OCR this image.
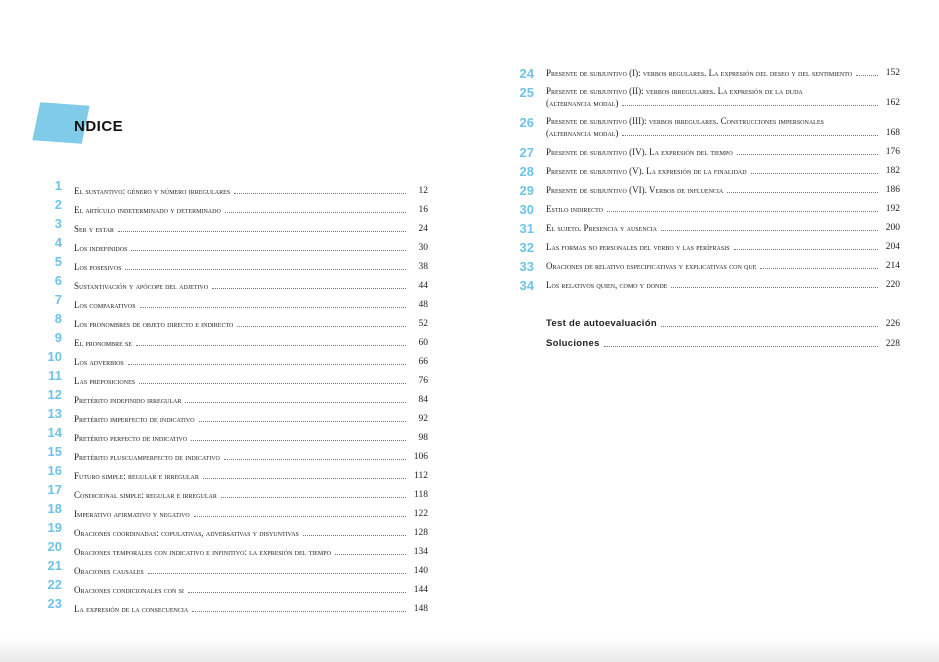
NDICE
1	El sustantivo: género y número irregulares	12
2	El artículo indeterminado y determinado	16
3	Ser y estar	24
4	Los indefinidos	30
5	Los posesivos	38
6	Sustantivación y apócope del adjetivo	44
7	Los comparativos	48
8	Los pronombres de objeto directo e indirecto	52
9	El pronombre se	60
10	Los adverbios	66
11	Las preposiciones	76
12	Pretérito indefinido irregular	84
13	Pretérito imperfecto de indicativo	92
14	Pretérito perfecto de indicativo	98
15	Pretérito pluscuamperfecto de indicativo	106
16	Futuro simple: regular e irregular	112
17	Condicional simple: regular e irregular	118
18	Imperativo afirmativo y negativo	122
19	Oraciones coordinadas: copulativas, adversativas y disyuntivas	128
20	Oraciones temporales con indicativo e infinitivo: la expresión del tiempo	134
21	Oraciones causales	140
22	Oraciones condicionales con si	144
23	La expresión de la consecuencia	148
24	Presente de subjuntivo (I): verbos regulares. La expresión del deseo y del sentimiento	152
25	Presente de subjuntivo (II): verbos irregulares. La expresión de la duda
(alternancia modal)	162
26	Presente de subjuntivo (III): verbos irregulares. Construcciones impersonales
(alternancia modal)	168
27	Presente de subjuntivo (IV). La expresión del tiempo	176
28	Presente de subjuntivo (V). La expresión de la finalidad	182
29	Presente de subjuntivo (VI). Verbos de influencia	186
30	Estilo indirecto	192
31	El sujeto. Presencia y ausencia	200
32	Las formas no personales del verbo y las perífrasis	204
33	Oraciones de relativo especificativas y explicativas con que	214
34	Los relativos quien, como y donde	220
Test de autoevaluación	226
Soluciones	228
